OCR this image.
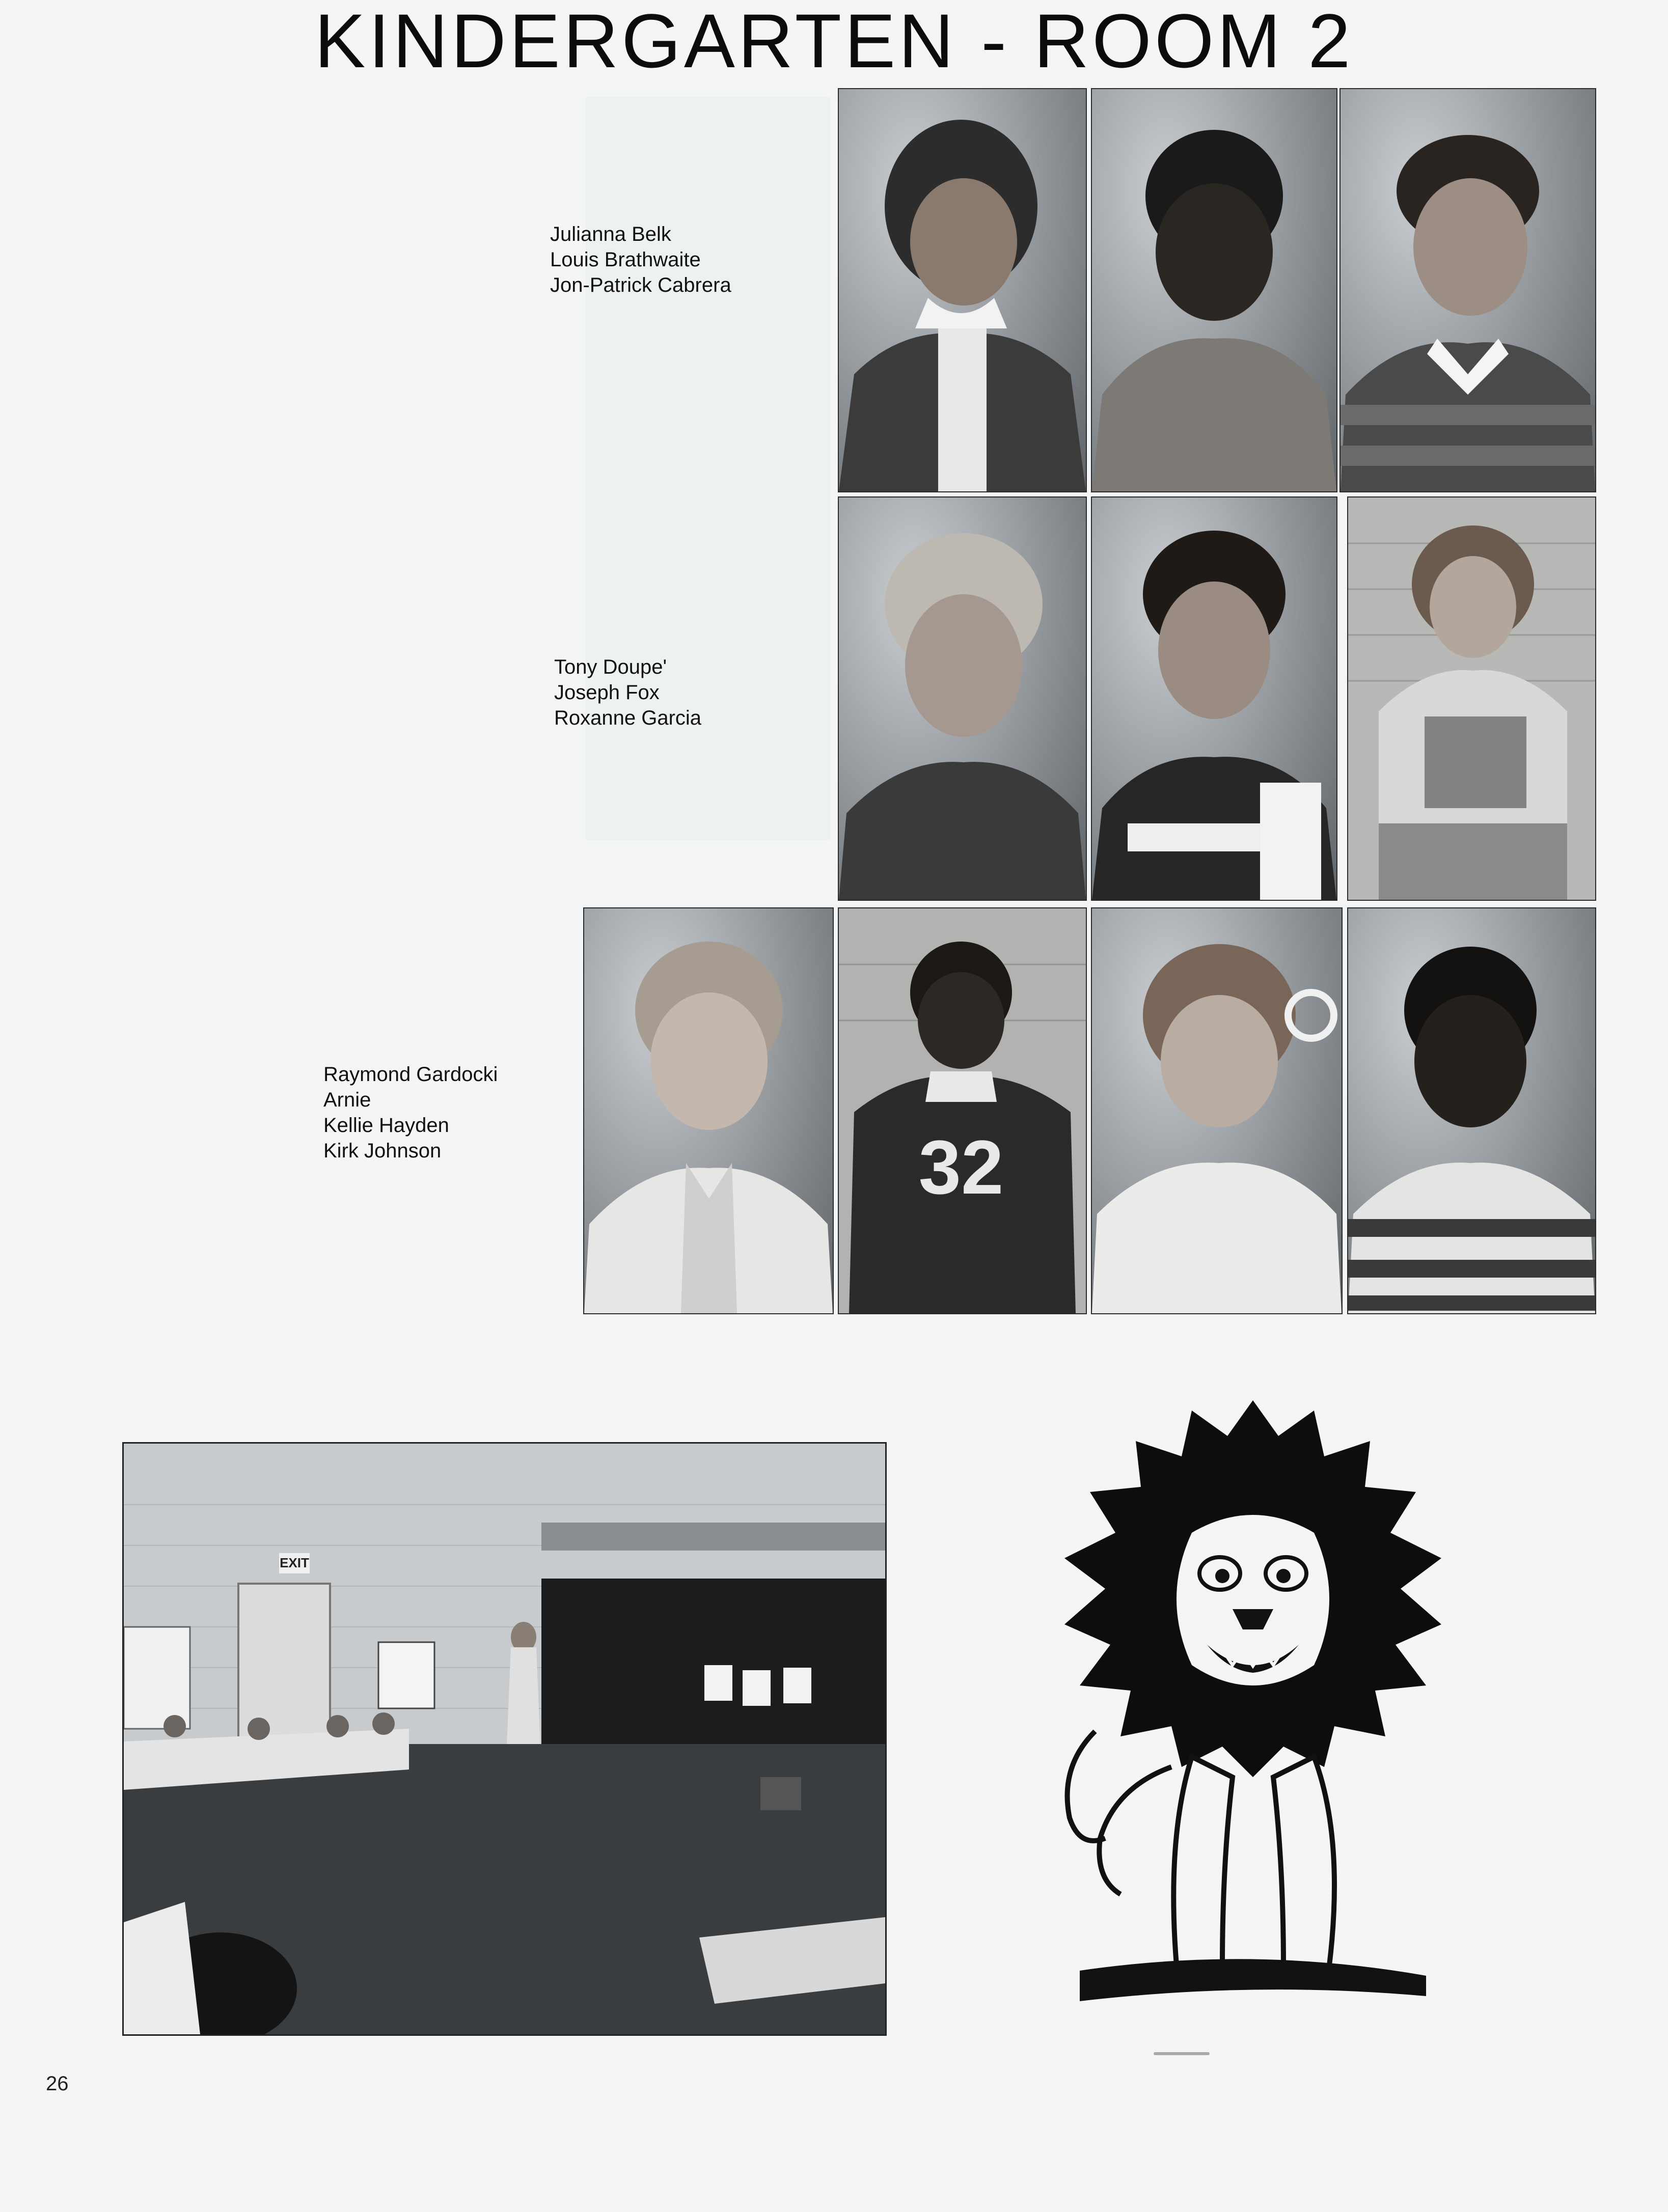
KINDERGARTEN - ROOM 2
Julianna Belk
Louis Brathwaite
Jon-Patrick Cabrera
Tony Doupe'
Joseph Fox
Roxanne Garcia
Raymond Gardocki
Arnie
Kellie Hayden
Kirk Johnson	32
EXIT
26
